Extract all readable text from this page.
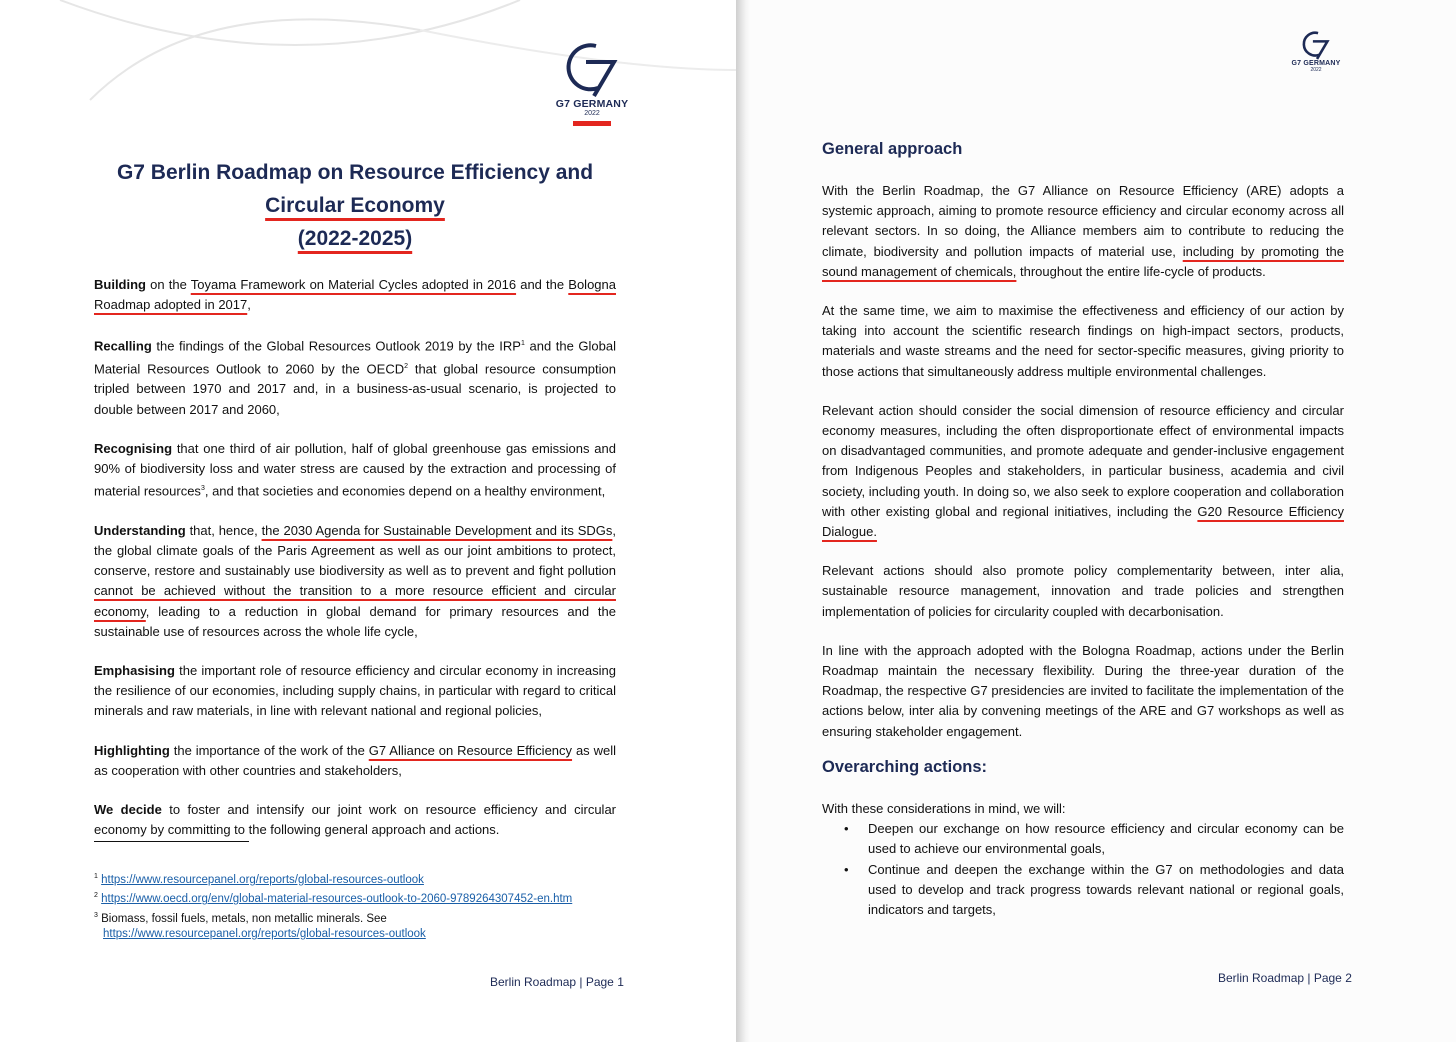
G7 GERMANY
2022
G7 Berlin Roadmap on Resource Efficiency and
Circular Economy
(2022-2025)

Building on the Toyama Framework on Material Cycles adopted in 2016 and the Bologna Roadmap adopted in 2017,

Recalling the findings of the Global Resources Outlook 2019 by the IRP$^1$ and the Global Material Resources Outlook to 2060 by the OECD$^2$ that global resource consumption tripled between 1970 and 2017 and, in a business-as-usual scenario, is projected to double between 2017 and 2060,

Recognising that one third of air pollution, half of global greenhouse gas emissions and 90% of biodiversity loss and water stress are caused by the extraction and processing of material resources$^3$, and that societies and economies depend on a healthy environment,

Understanding that, hence, the 2030 Agenda for Sustainable Development and its SDGs, the global climate goals of the Paris Agreement as well as our joint ambitions to protect, conserve, restore and sustainably use biodiversity as well as to prevent and fight pollution cannot be achieved without the transition to a more resource efficient and circular economy, leading to a reduction in global demand for primary resources and the sustainable use of resources across the whole life cycle,

Emphasising the important role of resource efficiency and circular economy in increasing the resilience of our economies, including supply chains, in particular with regard to critical minerals and raw materials, in line with relevant national and regional policies,

Highlighting the importance of the work of the G7 Alliance on Resource Efficiency as well as cooperation with other countries and stakeholders,

We decide to foster and intensify our joint work on resource efficiency and circular economy by committing to the following general approach and actions.

$^1$ https://www.resourcepanel.org/reports/global-resources-outlook
$^2$ https://www.oecd.org/env/global-material-resources-outlook-to-2060-9789264307452-en.htm
$^3$ Biomass, fossil fuels, metals, non metallic minerals. See
https://www.resourcepanel.org/reports/global-resources-outlook
Berlin Roadmap | Page 1
G7 GERMANY
2022
General approach

With the Berlin Roadmap, the G7 Alliance on Resource Efficiency (ARE) adopts a systemic approach, aiming to promote resource efficiency and circular economy across all relevant sectors. In so doing, the Alliance members aim to contribute to reducing the climate, biodiversity and pollution impacts of material use, including by promoting the sound management of chemicals, throughout the entire life-cycle of products.

At the same time, we aim to maximise the effectiveness and efficiency of our action by taking into account the scientific research findings on high-impact sectors, products, materials and waste streams and the need for sector-specific measures, giving priority to those actions that simultaneously address multiple environmental challenges.

Relevant action should consider the social dimension of resource efficiency and circular economy measures, including the often disproportionate effect of environmental impacts on disadvantaged communities, and promote adequate and gender-inclusive engagement from Indigenous Peoples and stakeholders, in particular business, academia and civil society, including youth. In doing so, we also seek to explore cooperation and collaboration with other existing global and regional initiatives, including the G20 Resource Efficiency Dialogue.

Relevant actions should also promote policy complementarity between, inter alia, sustainable resource management, innovation and trade policies and strengthen implementation of policies for circularity coupled with decarbonisation.

In line with the approach adopted with the Bologna Roadmap, actions under the Berlin Roadmap maintain the necessary flexibility. During the three-year duration of the Roadmap, the respective G7 presidencies are invited to facilitate the implementation of the actions below, inter alia by convening meetings of the ARE and G7 workshops as well as ensuring stakeholder engagement.

Overarching actions:
With these considerations in mind, we will:
• Deepen our exchange on how resource efficiency and circular economy can be used to achieve our environmental goals,
• Continue and deepen the exchange within the G7 on methodologies and data used to develop and track progress towards relevant national or regional goals, indicators and targets,
Berlin Roadmap | Page 2
